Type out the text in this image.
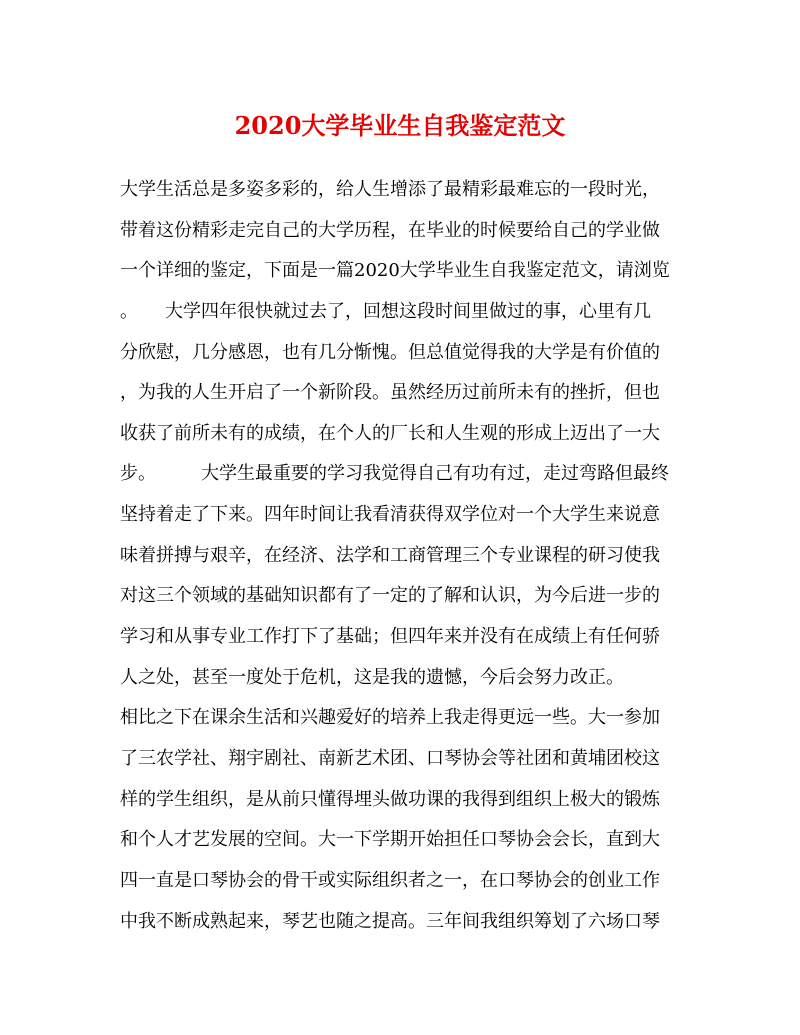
2020大学毕业生自我鉴定范文
大学生活总是多姿多彩的，给人生增添了最精彩最难忘的一段时光，
带着这份精彩走完自己的大学历程，在毕业的时候要给自己的学业做
一个详细的鉴定，下面是一篇2020大学毕业生自我鉴定范文，请浏览
。　　大学四年很快就过去了，回想这段时间里做过的事，心里有几
分欣慰，几分感恩，也有几分惭愧。但总值觉得我的大学是有价值的
，为我的人生开启了一个新阶段。虽然经历过前所未有的挫折，但也
收获了前所未有的成绩，在个人的厂长和人生观的形成上迈出了一大
步。　　　大学生最重要的学习我觉得自己有功有过，走过弯路但最终
坚持着走了下来。四年时间让我看清获得双学位对一个大学生来说意
味着拼搏与艰辛，在经济、法学和工商管理三个专业课程的研习使我
对这三个领域的基础知识都有了一定的了解和认识，为今后进一步的
学习和从事专业工作打下了基础；但四年来并没有在成绩上有任何骄
人之处，甚至一度处于危机，这是我的遗憾，今后会努力改正。
相比之下在课余生活和兴趣爱好的培养上我走得更远一些。大一参加
了三农学社、翔宇剧社、南新艺术团、口琴协会等社团和黄埔团校这
样的学生组织，是从前只懂得埋头做功课的我得到组织上极大的锻炼
和个人才艺发展的空间。大一下学期开始担任口琴协会会长，直到大
四一直是口琴协会的骨干或实际组织者之一，在口琴协会的创业工作
中我不断成熟起来，琴艺也随之提高。三年间我组织筹划了六场口琴
